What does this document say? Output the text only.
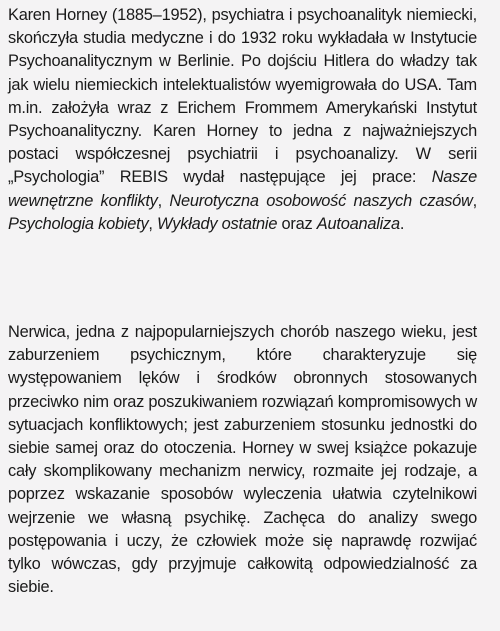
Karen Horney (1885–1952), psychiatra i psychoanalityk niemiecki, skończyła studia medyczne i do 1932 roku wykładała w Instytucie Psychoanalitycznym w Berlinie. Po dojściu Hitlera do władzy tak jak wielu niemieckich intelektualistów wyemigrowała do USA. Tam m.in. założyła wraz z Erichem Frommem Amerykański Instytut Psychoanalityczny. Karen Horney to jedna z najważniejszych postaci współczesnej psychiatrii i psychoanalizy. W serii „Psychologia” REBIS wydał następujące jej prace: Nasze wewnętrzne konflikty, Neurotyczna osobowość naszych czasów, Psychologia kobiety, Wykłady ostatnie oraz Autoanaliza.

Nerwica, jedna z najpopularniejszych chorób naszego wieku, jest zaburzeniem psychicznym, które charakteryzuje się występowaniem lęków i środków obronnych stosowanych przeciwko nim oraz poszukiwaniem rozwiązań kompromisowych w sytuacjach konfliktowych; jest zaburzeniem stosunku jednostki do siebie samej oraz do otoczenia. Horney w swej książce pokazuje cały skomplikowany mechanizm nerwicy, rozmaite jej rodzaje, a poprzez wskazanie sposobów wyleczenia ułatwia czytelnikowi wejrzenie we własną psychikę. Zachęca do analizy swego postępowania i uczy, że człowiek może się naprawdę rozwijać tylko wówczas, gdy przyjmuje całkowitą odpowiedzialność za siebie.
